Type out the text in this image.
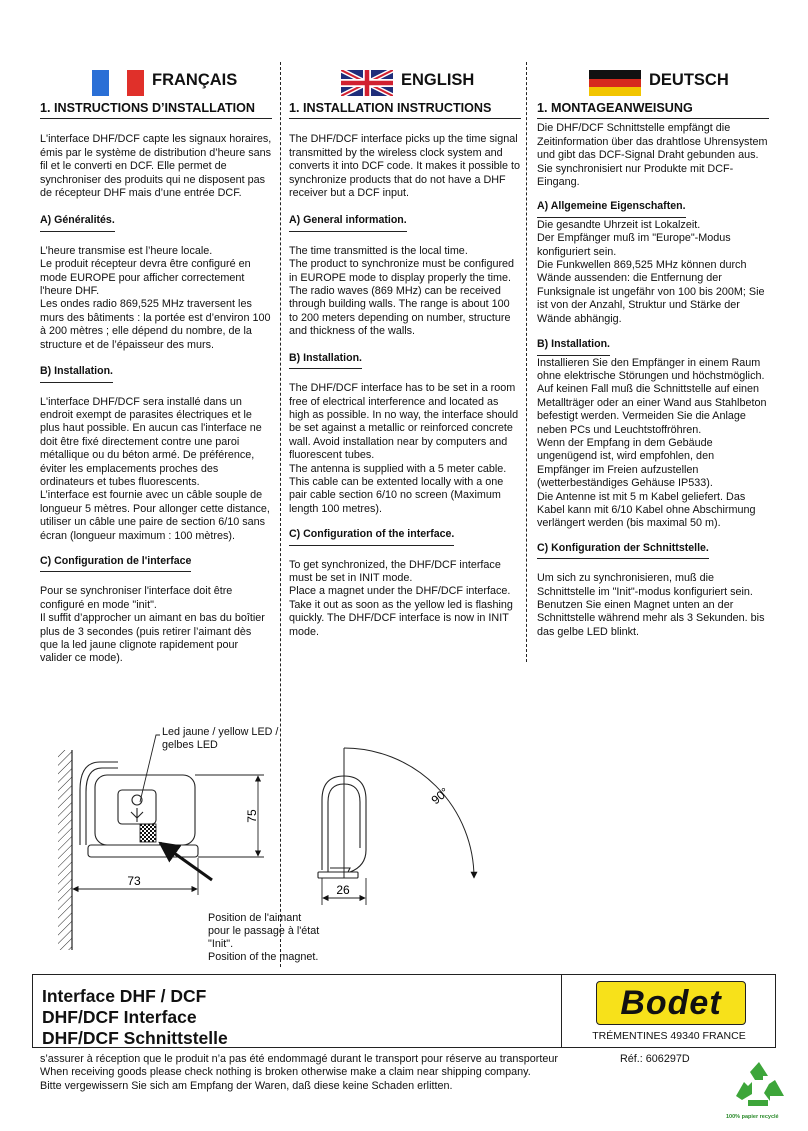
FRANÇAIS
1. INSTRUCTIONS D’INSTALLATION

L'interface DHF/DCF capte les signaux horaires, émis par le système de distribution d’heure sans fil et le converti en DCF. Elle permet de synchroniser des produits qui ne disposent pas de récepteur DHF mais d’une entrée DCF.

A) Généralités.

L’heure transmise est l’heure locale.
Le produit récepteur devra être configuré en mode EUROPE pour afficher correctement l'heure DHF.
Les ondes radio 869,525 MHz traversent les murs des bâtiments : la portée est d’environ 100 à 200 mètres ; elle dépend du nombre, de la structure et de l’épaisseur des murs.

B) Installation.

L'interface DHF/DCF sera installé dans un endroit exempt de parasites électriques et le plus haut possible. En aucun cas l'interface ne doit être fixé directement contre une paroi métallique ou du béton armé. De préférence, éviter les emplacements proches des ordinateurs et tubes fluorescents.
L’interface est fournie avec un câble souple de longueur 5 mètres. Pour allonger cette distance, utiliser un câble une paire de section 6/10 sans écran (longueur maximum : 100 mètres).

C) Configuration de l'interface

Pour se synchroniser l'interface doit être configuré en mode "init".
Il suffit d’approcher un aimant en bas du boîtier plus de 3 secondes (puis retirer l’aimant dès que la led jaune clignote rapidement pour valider ce mode).

ENGLISH
1. INSTALLATION INSTRUCTIONS

The DHF/DCF interface picks up the time signal transmitted by the wireless clock system and converts it into DCF code. It makes it possible to synchronize products that do not have a DHF receiver but a DCF input.

A) General information.

The time transmitted is the local time.
The product to synchronize must be configured in EUROPE mode to display properly the time.
The radio waves (869 MHz) can be received through building walls. The range is about 100 to 200 meters depending on number, structure and thickness of the walls.

B) Installation.

The DHF/DCF interface has to be set in a room free of electrical interference and located as high as possible. In no way, the interface should be set against a metallic or reinforced concrete wall. Avoid installation near by computers and fluorescent tubes.
The antenna is supplied with a 5 meter cable. This cable can be extented locally with a one pair cable section 6/10 no screen (Maximum length 100 metres).

C) Configuration of the interface.

To get synchronized, the DHF/DCF interface must be set in INIT mode.
Place a magnet under the DHF/DCF interface. Take it out as soon as the yellow led is flashing quickly. The DHF/DCF interface is now in INIT mode.

DEUTSCH
1. MONTAGEANWEISUNG

Die DHF/DCF Schnittstelle empfängt die Zeitinformation über das drahtlose Uhrensystem und gibt das DCF-Signal Draht gebunden aus. Sie synchronisiert nur Produkte mit DCF-Eingang.

A) Allgemeine Eigenschaften.

Die gesandte Uhrzeit ist Lokalzeit.
Der Empfänger muß im "Europe"-Modus konfiguriert sein.
Die Funkwellen 869,525 MHz können durch Wände aussenden: die Entfernung der Funksignale ist ungefähr von 100 bis 200M; Sie ist von der Anzahl, Struktur und Stärke der Wände abhängig.

B) Installation.

Installieren Sie den Empfänger in einem Raum ohne elektrische Störungen und höchstmöglich. Auf keinen Fall muß die Schnittstelle auf einen Metallträger oder an einer Wand aus Stahlbeton befestigt werden. Vermeiden Sie die Anlage neben PCs und Leuchtstoffröhren.
Wenn der Empfang in dem Gebäude ungenügend ist, wird empfohlen, den Empfänger im Freien aufzustellen (wetterbeständiges Gehäuse IP533).
Die Antenne ist mit 5 m Kabel geliefert. Das Kabel kann mit 6/10 Kabel ohne Abschirmung verlängert werden (bis maximal 50 m).

C) Konfiguration der Schnittstelle.

Um sich zu synchronisieren, muß die Schnittstelle im "Init"-modus konfiguriert sein. Benutzen Sie einen Magnet unten an der Schnittstelle während mehr als 3 Sekunden. bis das gelbe LED blinkt.

75
73
90°
26
Led jaune / yellow LED /
gelbes LED
Position de l'aimant
pour le passage à l'état
"Init".
Position of the magnet.
Interface DHF / DCF
DHF/DCF Interface
DHF/DCF Schnittstelle
Bodet
TRÉMENTINES 49340 FRANCE
Réf.: 606297D
s’assurer à réception que le produit n’a pas été endommagé durant le transport pour réserve au transporteur
When receiving goods please check nothing is broken otherwise make a claim near shipping company.
Bitte vergewissern Sie sich am Empfang der Waren, daß diese keine Schaden erlitten.
100% papier recyclé
